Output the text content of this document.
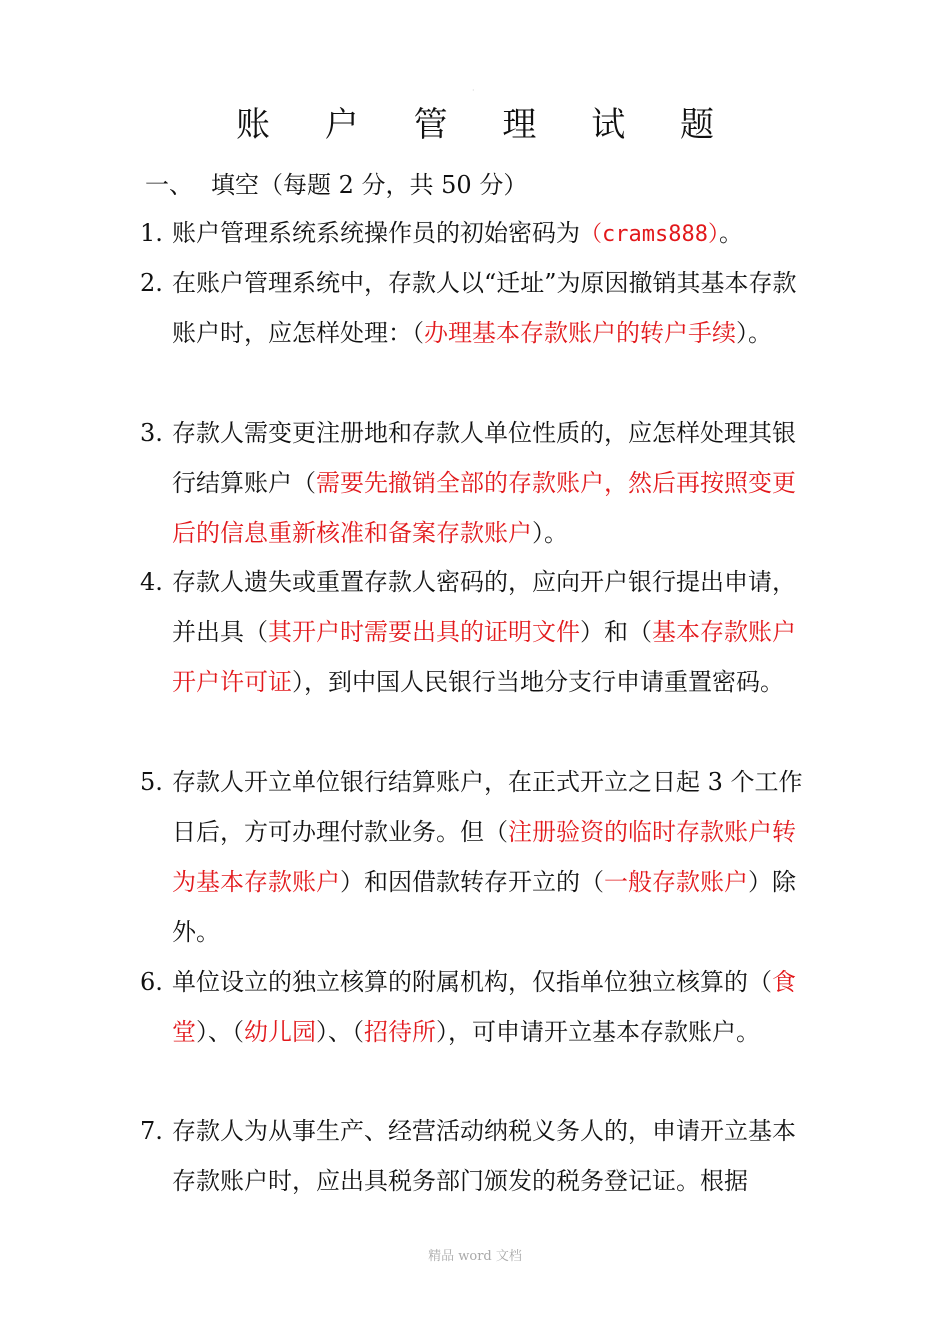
·
账 户 管 理 试 题
一、 填空（每题 2 分，共 50 分）
1. 账户管理系统系统操作员的初始密码为（crams888）。
2. 在账户管理系统中，存款人以“迁址”为原因撤销其基本存款账户时，应怎样处理：（办理基本存款账户的转户手续）。
3. 存款人需变更注册地和存款人单位性质的，应怎样处理其银行结算账户（需要先撤销全部的存款账户，然后再按照变更后的信息重新核准和备案存款账户）。
4. 存款人遗失或重置存款人密码的，应向开户银行提出申请，并出具（其开户时需要出具的证明文件）和（基本存款账户开户许可证），到中国人民银行当地分支行申请重置密码。
5. 存款人开立单位银行结算账户，在正式开立之日起 3 个工作日后，方可办理付款业务。但（注册验资的临时存款账户转为基本存款账户）和因借款转存开立的（一般存款账户）除外。
6. 单位设立的独立核算的附属机构，仅指单位独立核算的（食堂）、（幼儿园）、（招待所），可申请开立基本存款账户。
7. 存款人为从事生产、经营活动纳税义务人的，申请开立基本存款账户时，应出具税务部门颁发的税务登记证。根据
精品 word 文档
